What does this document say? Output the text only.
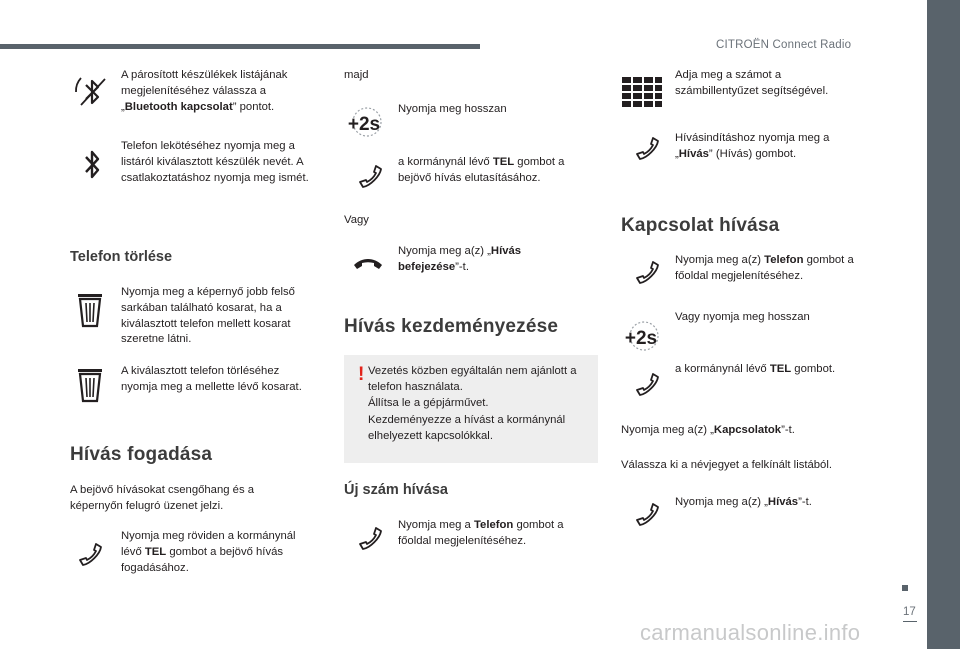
CITROËN Connect Radio
A párosított készülékek listájának megjelenítéséhez válassza a „Bluetooth kapcsolat” pontot.
Telefon lekötéséhez nyomja meg a listáról kiválasztott készülék nevét. A csatlakoztatáshoz nyomja meg ismét.
Telefon törlése
Nyomja meg a képernyő jobb felső sarkában található kosarat, ha a kiválasztott telefon mellett kosarat szeretne látni.
A kiválasztott telefon törléséhez nyomja meg a mellette lévő kosarat.
Hívás fogadása
A bejövő hívásokat csengőhang és a képernyőn felugró üzenet jelzi.
Nyomja meg röviden a kormánynál lévő TEL gombot a bejövő hívás fogadásához.
majd
+2s
Nyomja meg hosszan
a kormánynál lévő TEL gombot a bejövő hívás elutasításához.
Vagy
Nyomja meg a(z) „Hívás befejezése”-t.
Hívás kezdeményezése
! Vezetés közben egyáltalán nem ajánlott a telefon használata.
Állítsa le a gépjárművet.
Kezdeményezze a hívást a kormánynál elhelyezett kapcsolókkal.
Új szám hívása
Nyomja meg a Telefon gombot a főoldal megjelenítéséhez.
Adja meg a számot a számbillentyűzet segítségével.
Hívásindításhoz nyomja meg a „Hívás” (Hívás) gombot.
Kapcsolat hívása
Nyomja meg a(z) Telefon gombot a főoldal megjelenítéséhez.
+2s
Vagy nyomja meg hosszan
a kormánynál lévő TEL gombot.
Nyomja meg a(z) „Kapcsolatok”-t.
Válassza ki a névjegyet a felkínált listából.
Nyomja meg a(z) „Hívás”-t.
17
carmanualsonline.info
